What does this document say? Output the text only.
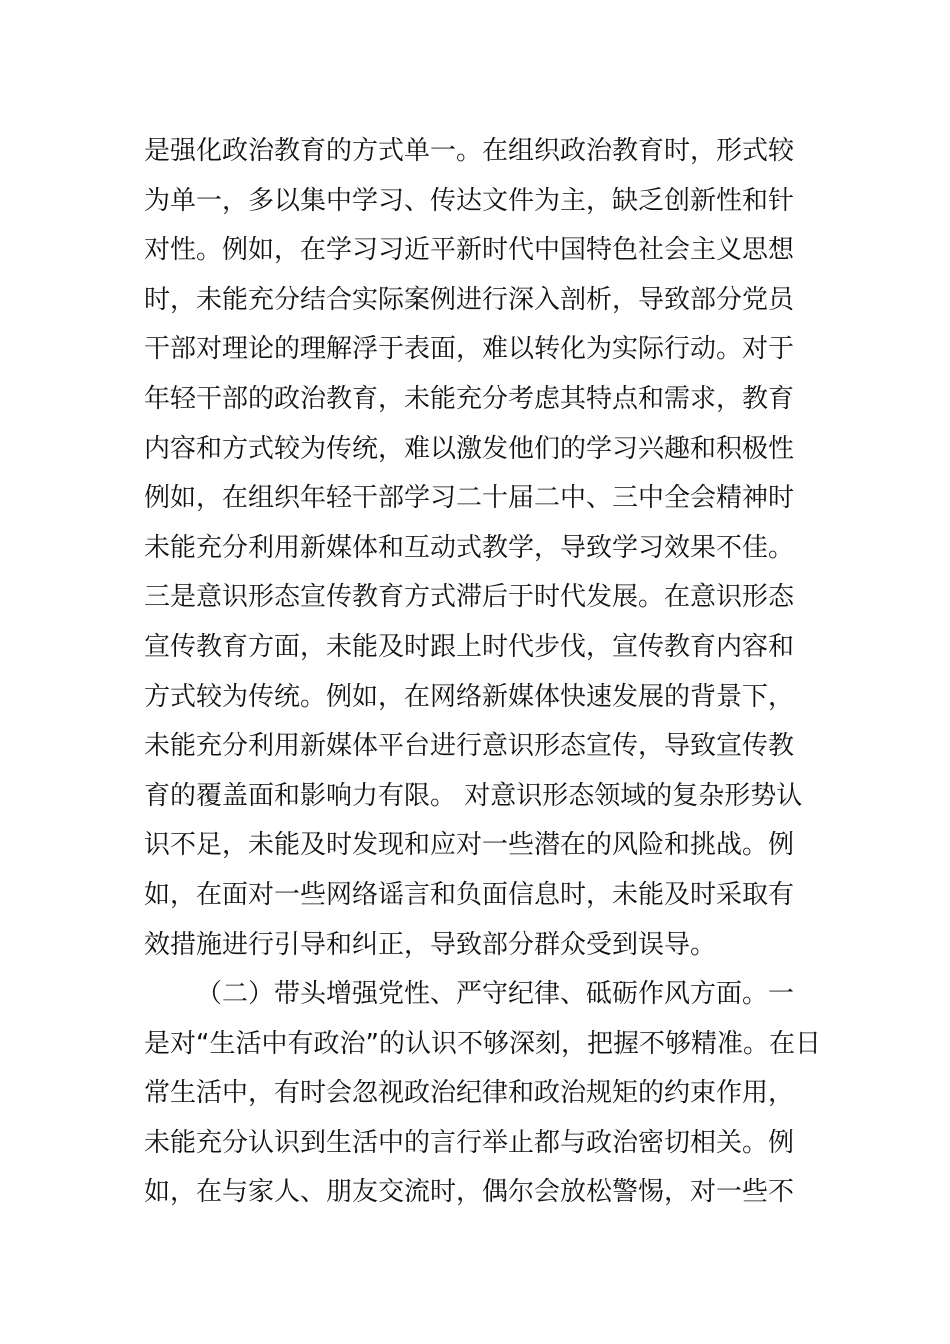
是强化政治教育的方式单一。在组织政治教育时，形式较
为单一，多以集中学习、传达文件为主，缺乏创新性和针
对性。例如，在学习习近平新时代中国特色社会主义思想
时，未能充分结合实际案例进行深入剖析，导致部分党员
干部对理论的理解浮于表面，难以转化为实际行动。对于
年轻干部的政治教育，未能充分考虑其特点和需求，教育
内容和方式较为传统，难以激发他们的学习兴趣和积极性
例如，在组织年轻干部学习二十届二中、三中全会精神时
未能充分利用新媒体和互动式教学，导致学习效果不佳。
三是意识形态宣传教育方式滞后于时代发展。在意识形态
宣传教育方面，未能及时跟上时代步伐，宣传教育内容和
方式较为传统。例如，在网络新媒体快速发展的背景下，
未能充分利用新媒体平台进行意识形态宣传，导致宣传教
育的覆盖面和影响力有限。 对意识形态领域的复杂形势认
识不足，未能及时发现和应对一些潜在的风险和挑战。例
如，在面对一些网络谣言和负面信息时，未能及时采取有
效措施进行引导和纠正，导致部分群众受到误导。
（二）带头增强党性、严守纪律、砥砺作风方面。一
是对“生活中有政治”的认识不够深刻，把握不够精准。在日
常生活中，有时会忽视政治纪律和政治规矩的约束作用，
未能充分认识到生活中的言行举止都与政治密切相关。例
如，在与家人、朋友交流时，偶尔会放松警惕，对一些不
